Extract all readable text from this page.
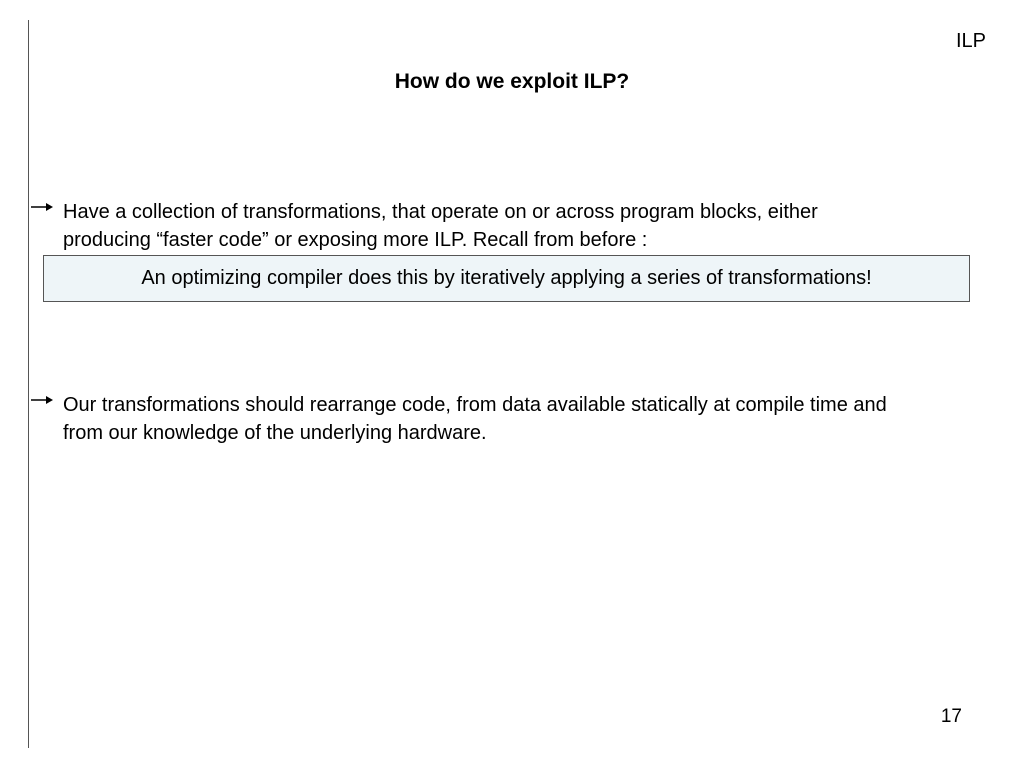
ILP
How do we exploit ILP?
Have a collection of transformations, that operate on or across program blocks, either producing “faster code” or exposing more ILP. Recall from before :
An optimizing compiler does this by iteratively applying a series of transformations!
Our transformations should rearrange code, from data available statically at compile time and from our knowledge of the underlying hardware.
17
